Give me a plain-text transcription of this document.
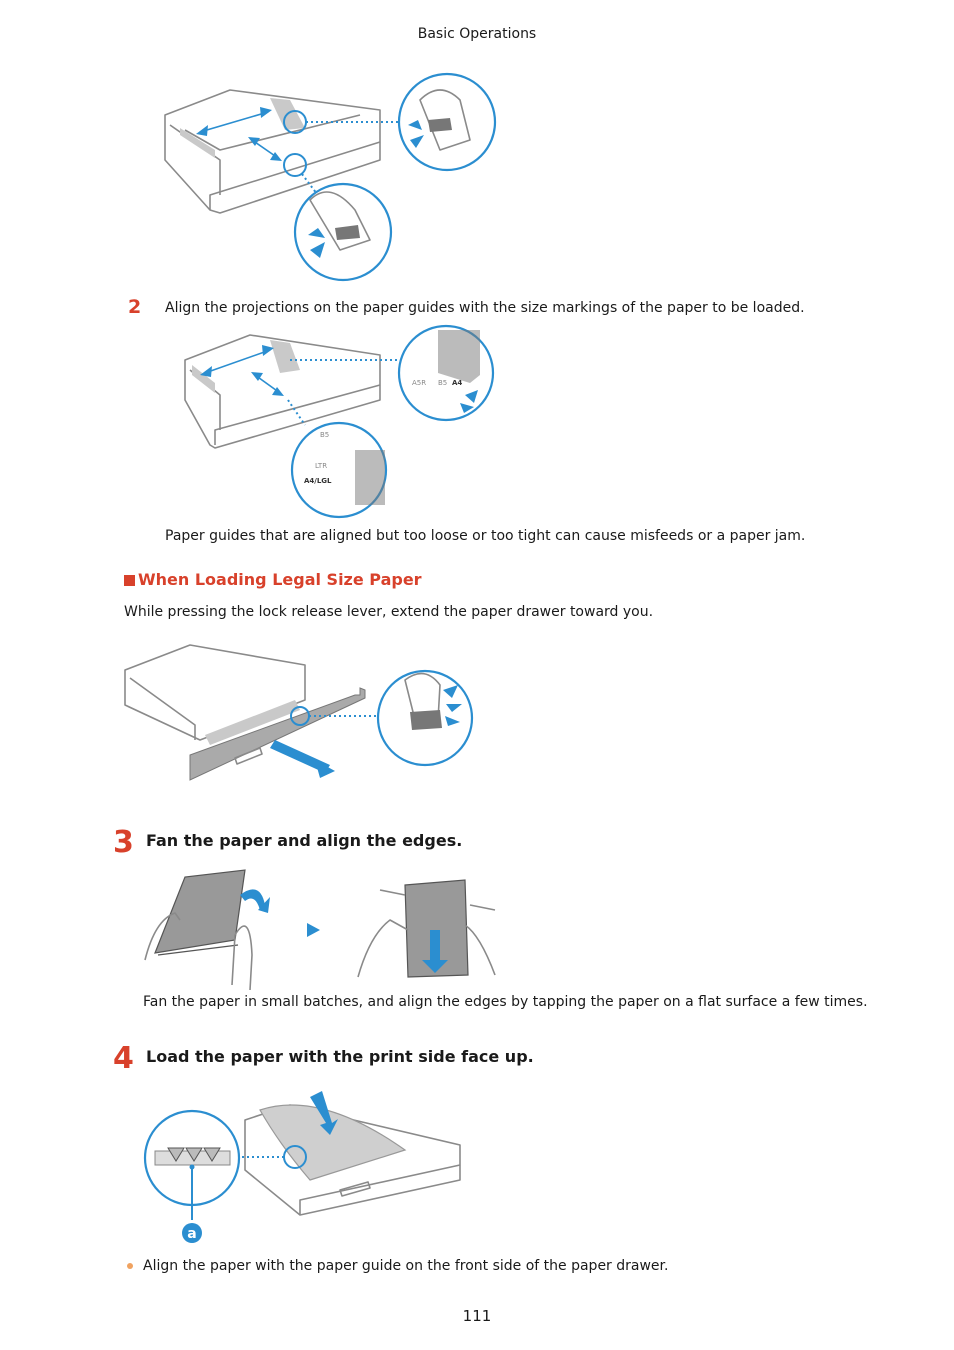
Basic Operations
2 Align the projections on the paper guides with the size markings of the paper to be loaded.
A5R B5 A4
B5
LTR
A4/LGL
Paper guides that are aligned but too loose or too tight can cause misfeeds or a paper jam.
When Loading Legal Size Paper
While pressing the lock release lever, extend the paper drawer toward you.
3 Fan the paper and align the edges.
Fan the paper in small batches, and align the edges by tapping the paper on a flat surface a few times.
4 Load the paper with the print side face up.
a
Align the paper with the paper guide on the front side of the paper drawer.
111
